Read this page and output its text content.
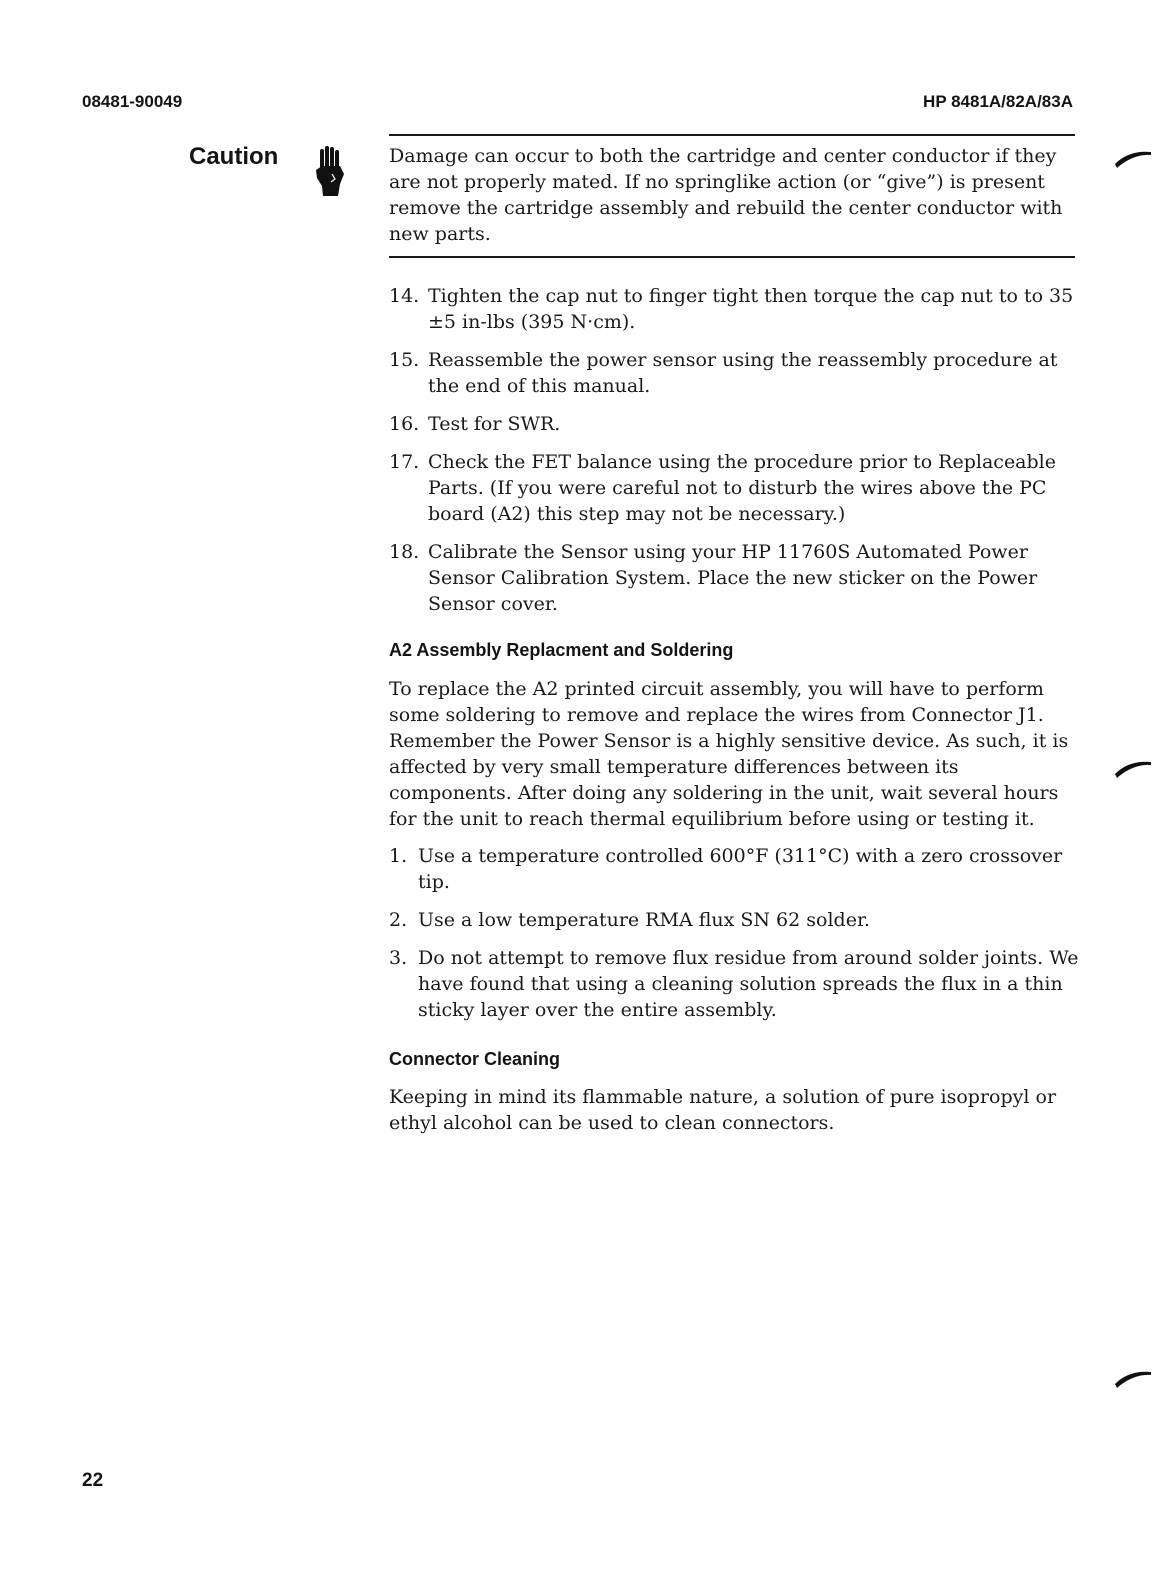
08481-90049	HP 8481A/82A/83A
Caution	Damage can occur to both the cartridge and center conductor if they are not properly mated. If no springlike action (or “give”) is present remove the cartridge assembly and rebuild the center conductor with new parts.
14. Tighten the cap nut to finger tight then torque the cap nut to to 35 ±5 in-lbs (395 N·cm).
15. Reassemble the power sensor using the reassembly procedure at the end of this manual.
16. Test for SWR.
17. Check the FET balance using the procedure prior to Replaceable Parts. (If you were careful not to disturb the wires above the PC board (A2) this step may not be necessary.)
18. Calibrate the Sensor using your HP 11760S Automated Power Sensor Calibration System. Place the new sticker on the Power Sensor cover.
A2 Assembly Replacment and Soldering
To replace the A2 printed circuit assembly, you will have to perform some soldering to remove and replace the wires from Connector J1. Remember the Power Sensor is a highly sensitive device. As such, it is affected by very small temperature differences between its components. After doing any soldering in the unit, wait several hours for the unit to reach thermal equilibrium before using or testing it.
1. Use a temperature controlled 600°F (311°C) with a zero crossover tip.
2. Use a low temperature RMA flux SN 62 solder.
3. Do not attempt to remove flux residue from around solder joints. We have found that using a cleaning solution spreads the flux in a thin sticky layer over the entire assembly.
Connector Cleaning
Keeping in mind its flammable nature, a solution of pure isopropyl or ethyl alcohol can be used to clean connectors.
22
